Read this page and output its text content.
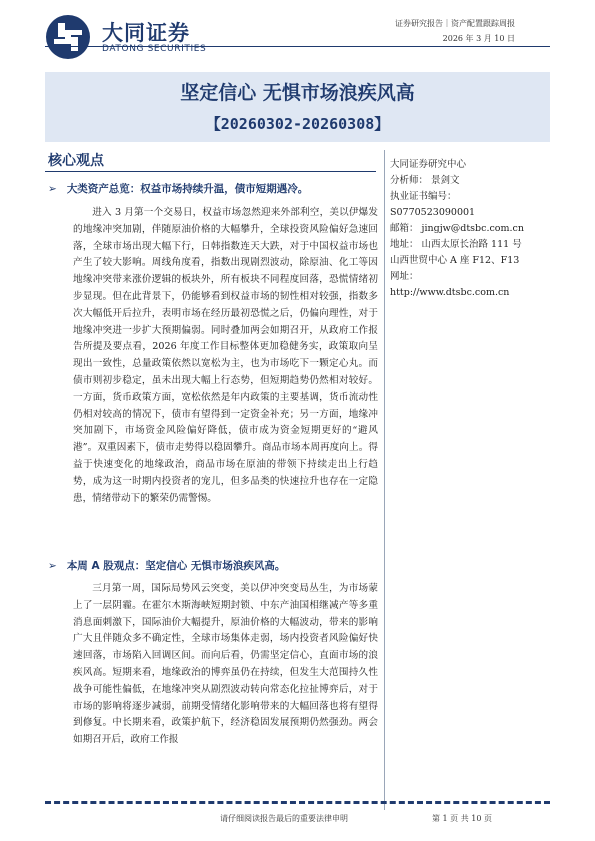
大同证券
DATONG SECURITIES
证券研究报告｜资产配置跟踪周报
2026 年 3 月 10 日
坚定信心 无惧市场浪疾风高
【20260302-20260308】
核心观点	大同证券研究中心
分析师： 景剑文
执业证书编号：
S0770523090001
邮箱： jingjw@dtsbc.com.cn
地址： 山西太原长治路 111 号
山西世贸中心 A 座 F12、F13
网址：
http://www.dtsbc.com.cn
➢ 大类资产总览：权益市场持续升温，债市短期遇冷。
进入 3 月第一个交易日，权益市场忽然迎来外部利空，美以伊爆发的地缘冲突加剧，伴随原油价格的大幅攀升，全球投资风险偏好急速回落，全球市场出现大幅下行，日韩指数连天大跌，对于中国权益市场也产生了较大影响。周线角度看，指数出现剧烈波动，除原油、化工等因地缘冲突带来涨价逻辑的板块外，所有板块不同程度回落，恐慌情绪初步显现。但在此背景下，仍能够看到权益市场的韧性相对较强，指数多次大幅低开后拉升，表明市场在经历最初恐慌之后，仍偏向理性，对于地缘冲突进一步扩大预期偏弱。同时叠加两会如期召开，从政府工作报告所提及要点看，2026 年度工作目标整体更加稳健务实，政策取向呈现出一致性，总量政策依然以宽松为主，也为市场吃下一颗定心丸。而债市则初步稳定，虽未出现大幅上行态势，但短期趋势仍然相对较好。一方面，货币政策方面，宽松依然是年内政策的主要基调，货币流动性仍相对较高的情况下，债市有望得到一定资金补充；另一方面，地缘冲突加剧下，市场资金风险偏好降低，债市成为资金短期更好的“避风港”。双重因素下，债市走势得以稳固攀升。商品市场本周再度向上。得益于快速变化的地缘政治，商品市场在原油的带领下持续走出上行趋势，成为这一时期内投资者的宠儿，但多品类的快速拉升也存在一定隐患，情绪带动下的繁荣仍需警惕。
➢ 本周 A 股观点：坚定信心 无惧市场浪疾风高。
三月第一周，国际局势风云突变，美以伊冲突变局丛生，为市场蒙上了一层阴霾。在霍尔木斯海峡短期封锁、中东产油国相继减产等多重消息面刺激下，国际油价大幅提升，原油价格的大幅波动，带来的影响广大且伴随众多不确定性，全球市场集体走弱，场内投资者风险偏好快速回落，市场陷入回调区间。而向后看，仍需坚定信心，直面市场的浪疾风高。短期来看，地缘政治的博弈虽仍在持续，但发生大范围持久性战争可能性偏低，在地缘冲突从剧烈波动转向常态化拉扯博弈后，对于市场的影响将逐步减弱，前期受情绪化影响带来的大幅回落也将有望得到修复。中长期来看，政策护航下，经济稳固发展预期仍然强劲。两会如期召开后，政府工作报
请仔细阅读报告最后的重要法律申明	第 1 页 共 10 页
